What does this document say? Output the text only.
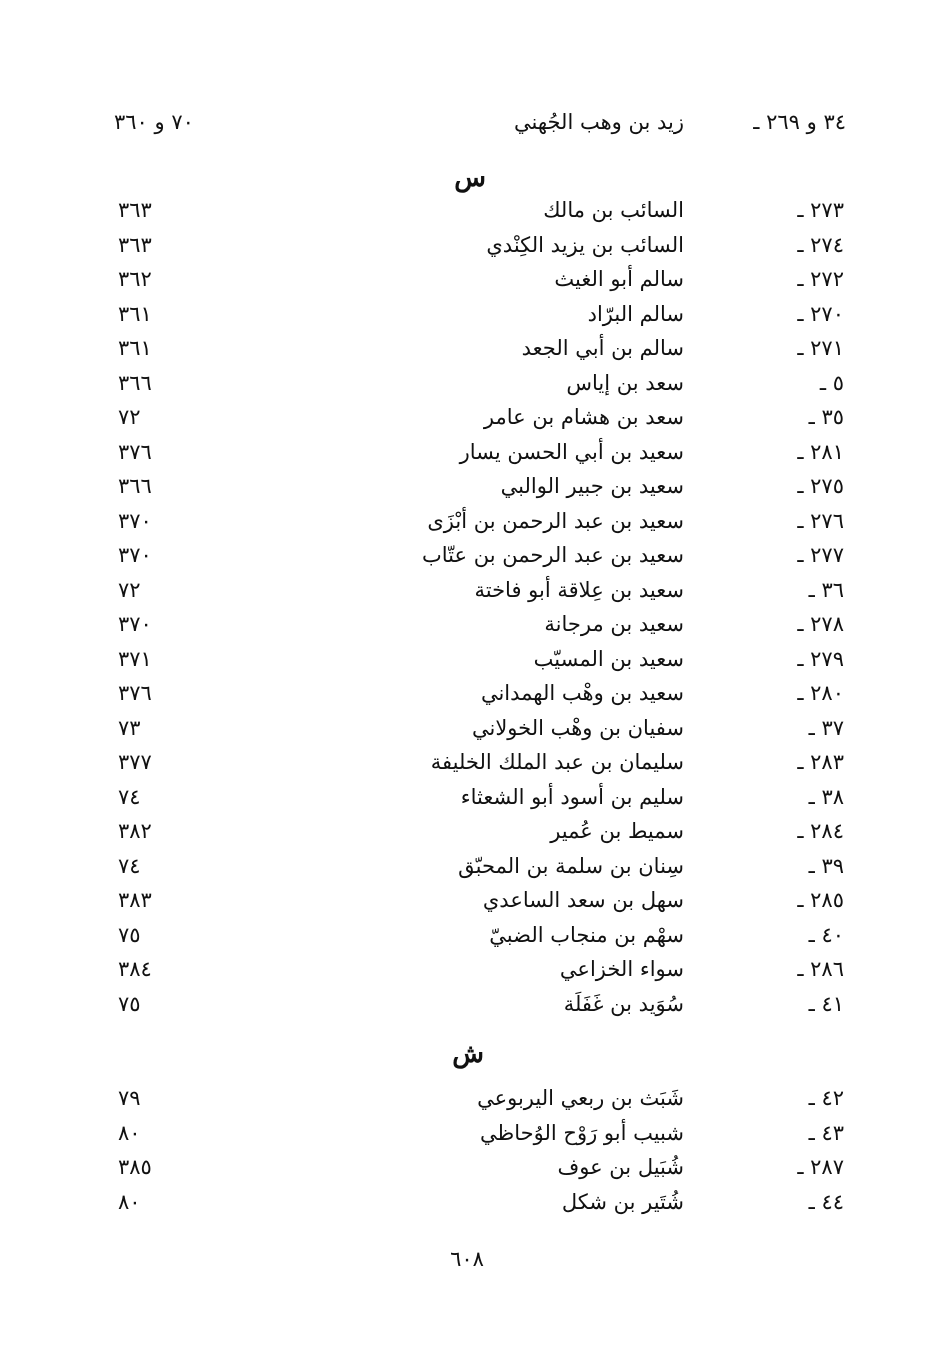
٣٤ و ٢٦٩ ـ
زيد بن وهب الجُهني
٧٠ و ٣٦٠
س
٢٧٣ ـ
السائب بن مالك
٣٦٣
٢٧٤ ـ
السائب بن يزيد الكِنْدي
٣٦٣
٢٧٢ ـ
سالم أبو الغيث
٣٦٢
٢٧٠ ـ
سالم البرّاد
٣٦١
٢٧١ ـ
سالم بن أبي الجعد
٣٦١
٥ ـ
سعد بن إياس
٣٦٦
٣٥ ـ
سعد بن هشام بن عامر
٧٢
٢٨١ ـ
سعيد بن أبي الحسن يسار
٣٧٦
٢٧٥ ـ
سعيد بن جبير الوالبي
٣٦٦
٢٧٦ ـ
سعيد بن عبد الرحمن بن أبْزَى
٣٧٠
٢٧٧ ـ
سعيد بن عبد الرحمن بن عتّاب
٣٧٠
٣٦ ـ
سعيد بن عِلاقة أبو فاختة
٧٢
٢٧٨ ـ
سعيد بن مرجانة
٣٧٠
٢٧٩ ـ
سعيد بن المسيّب
٣٧١
٢٨٠ ـ
سعيد بن وهْب الهمداني
٣٧٦
٣٧ ـ
سفيان بن وهْب الخولاني
٧٣
٢٨٣ ـ
سليمان بن عبد الملك الخليفة
٣٧٧
٣٨ ـ
سليم بن أسود أبو الشعثاء
٧٤
٢٨٤ ـ
سميط بن عُمير
٣٨٢
٣٩ ـ
سِنان بن سلمة بن المحبّق
٧٤
٢٨٥ ـ
سهل بن سعد الساعدي
٣٨٣
٤٠ ـ
سهْم بن منجاب الضبيّ
٧٥
٢٨٦ ـ
سواء الخزاعي
٣٨٤
٤١ ـ
سُوَيد بن غَفَلَة
٧٥
ش
٤٢ ـ
شَبَث بن ربعي اليربوعي
٧٩
٤٣ ـ
شبيب أبو رَوْح الوُحاظي
٨٠
٢٨٧ ـ
شُبَيل بن عوف
٣٨٥
٤٤ ـ
شُتَير بن شكل
٨٠
٦٠٨
